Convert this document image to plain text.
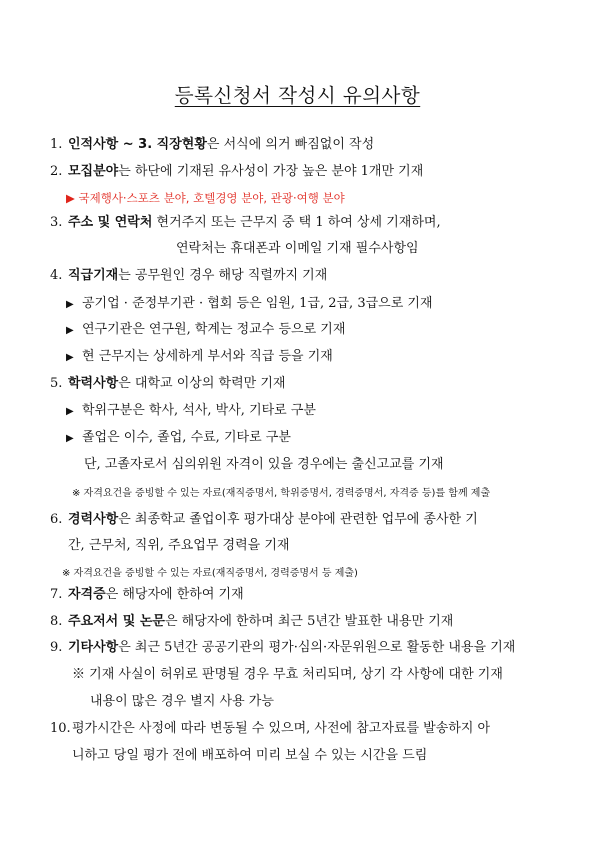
등록신청서 작성시 유의사항
1. 인적사항 ~ 3. 직장현황은 서식에 의거 빠짐없이 작성
2. 모집분야는 하단에 기재된 유사성이 가장 높은 분야 1개만 기재
▶ 국제행사·스포츠 분야, 호텔경영 분야, 관광·여행 분야
3. 주소 및 연락처 현거주지 또는 근무지 중 택 1 하여 상세 기재하며,
연락처는 휴대폰과 이메일 기재 필수사항임
4. 직급기재는 공무원인 경우 해당 직렬까지 기재
▶ 공기업 · 준정부기관 · 협회 등은 임원, 1급, 2급, 3급으로 기재
▶ 연구기관은 연구원, 학계는 정교수 등으로 기재
▶ 현 근무지는 상세하게 부서와 직급 등을 기재
5. 학력사항은 대학교 이상의 학력만 기재
▶ 학위구분은 학사, 석사, 박사, 기타로 구분
▶ 졸업은 이수, 졸업, 수료, 기타로 구분
단, 고졸자로서 심의위원 자격이 있을 경우에는 출신고교를 기재
※ 자격요건을 증빙할 수 있는 자료(재직증명서, 학위증명서, 경력증명서, 자격증 등)를 함께 제출
6. 경력사항은 최종학교 졸업이후 평가대상 분야에 관련한 업무에 종사한 기
간, 근무처, 직위, 주요업무 경력을 기재
※ 자격요건을 증빙할 수 있는 자료(재직증명서, 경력증명서 등 제출)
7. 자격증은 해당자에 한하여 기재
8. 주요저서 및 논문은 해당자에 한하며 최근 5년간 발표한 내용만 기재
9. 기타사항은 최근 5년간 공공기관의 평가·심의·자문위원으로 활동한 내용을 기재
※ 기재 사실이 허위로 판명될 경우 무효 처리되며, 상기 각 사항에 대한 기재
내용이 많은 경우 별지 사용 가능
10.평가시간은 사정에 따라 변동될 수 있으며, 사전에 참고자료를 발송하지 아
니하고 당일 평가 전에 배포하여 미리 보실 수 있는 시간을 드림
